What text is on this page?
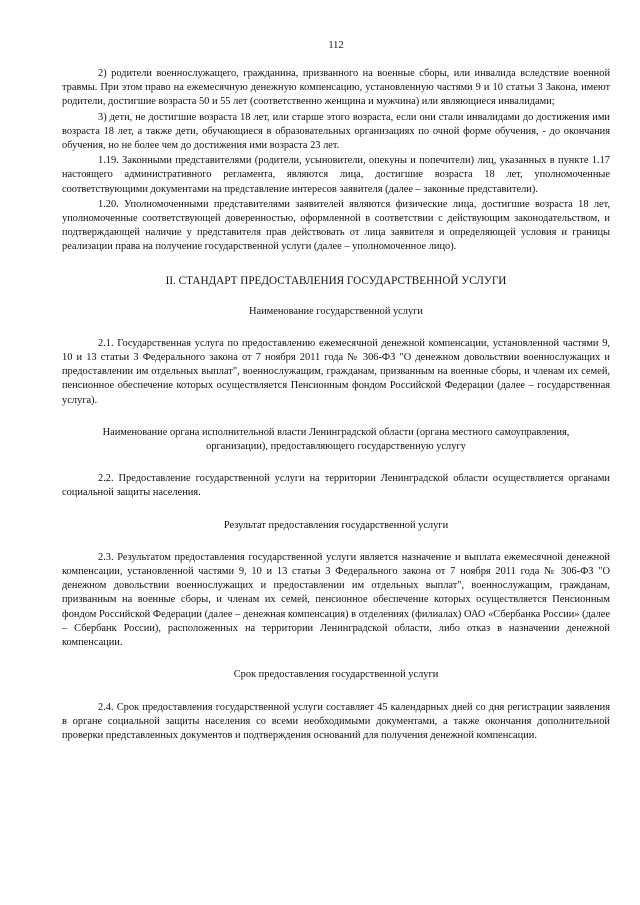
112

2) родители военнослужащего, гражданина, призванного на военные сборы, или инвалида вследствие военной травмы. При этом право на ежемесячную денежную компенсацию, установленную частями 9 и 10 статьи 3 Закона, имеют родители, достигшие возраста 50 и 55 лет (соответственно женщина и мужчина) или являющиеся инвалидами;

3) дети, не достигшие возраста 18 лет, или старше этого возраста, если они стали инвалидами до достижения ими возраста 18 лет, а также дети, обучающиеся в образовательных организациях по очной форме обучения, - до окончания обучения, но не более чем до достижения ими возраста 23 лет.

1.19. Законными представителями (родители, усыновители, опекуны и попечители) лиц, указанных в пункте 1.17 настоящего административного регламента, являются лица, достигшие возраста 18 лет, уполномоченные соответствующими документами на представление интересов заявителя (далее – законные представители).

1.20. Уполномоченными представителями заявителей являются физические лица, достигшие возраста 18 лет, уполномоченные соответствующей доверенностью, оформленной в соответствии с действующим законодательством, и подтверждающей наличие у представителя прав действовать от лица заявителя и определяющей условия и границы реализации права на получение государственной услуги (далее – уполномоченное лицо).

II. СТАНДАРТ ПРЕДОСТАВЛЕНИЯ ГОСУДАРСТВЕННОЙ УСЛУГИ
Наименование государственной услуги

2.1. Государственная услуга по предоставлению ежемесячной денежной компенсации, установленной частями 9, 10 и 13 статьи 3 Федерального закона от 7 ноября 2011 года № 306-ФЗ "О денежном довольствии военнослужащих и предоставлении им отдельных выплат", военнослужащим, гражданам, призванным на военные сборы, и членам их семей, пенсионное обеспечение которых осуществляется Пенсионным фондом Российской Федерации (далее – государственная услуга).

Наименование органа исполнительной власти Ленинградской области (органа местного самоуправления, организации), предоставляющего государственную услугу

2.2. Предоставление государственной услуги на территории Ленинградской области осуществляется органами социальной защиты населения.

Результат предоставления государственной услуги

2.3. Результатом предоставления государственной услуги является назначение и выплата ежемесячной денежной компенсации, установленной частями 9, 10 и 13 статьи 3 Федерального закона от 7 ноября 2011 года № 306-ФЗ "О денежном довольствии военнослужащих и предоставлении им отдельных выплат", военнослужащим, гражданам, призванным на военные сборы, и членам их семей, пенсионное обеспечение которых осуществляется Пенсионным фондом Российской Федерации (далее – денежная компенсация) в отделениях (филиалах) ОАО «Сбербанка России» (далее – Сбербанк России), расположенных на территории Ленинградской области, либо отказ в назначении денежной компенсации.

Срок предоставления государственной услуги

2.4. Срок предоставления государственной услуги составляет 45 календарных дней со дня регистрации заявления в органе социальной защиты населения со всеми необходимыми документами, а также окончания дополнительной проверки представленных документов и подтверждения оснований для получения денежной компенсации.
